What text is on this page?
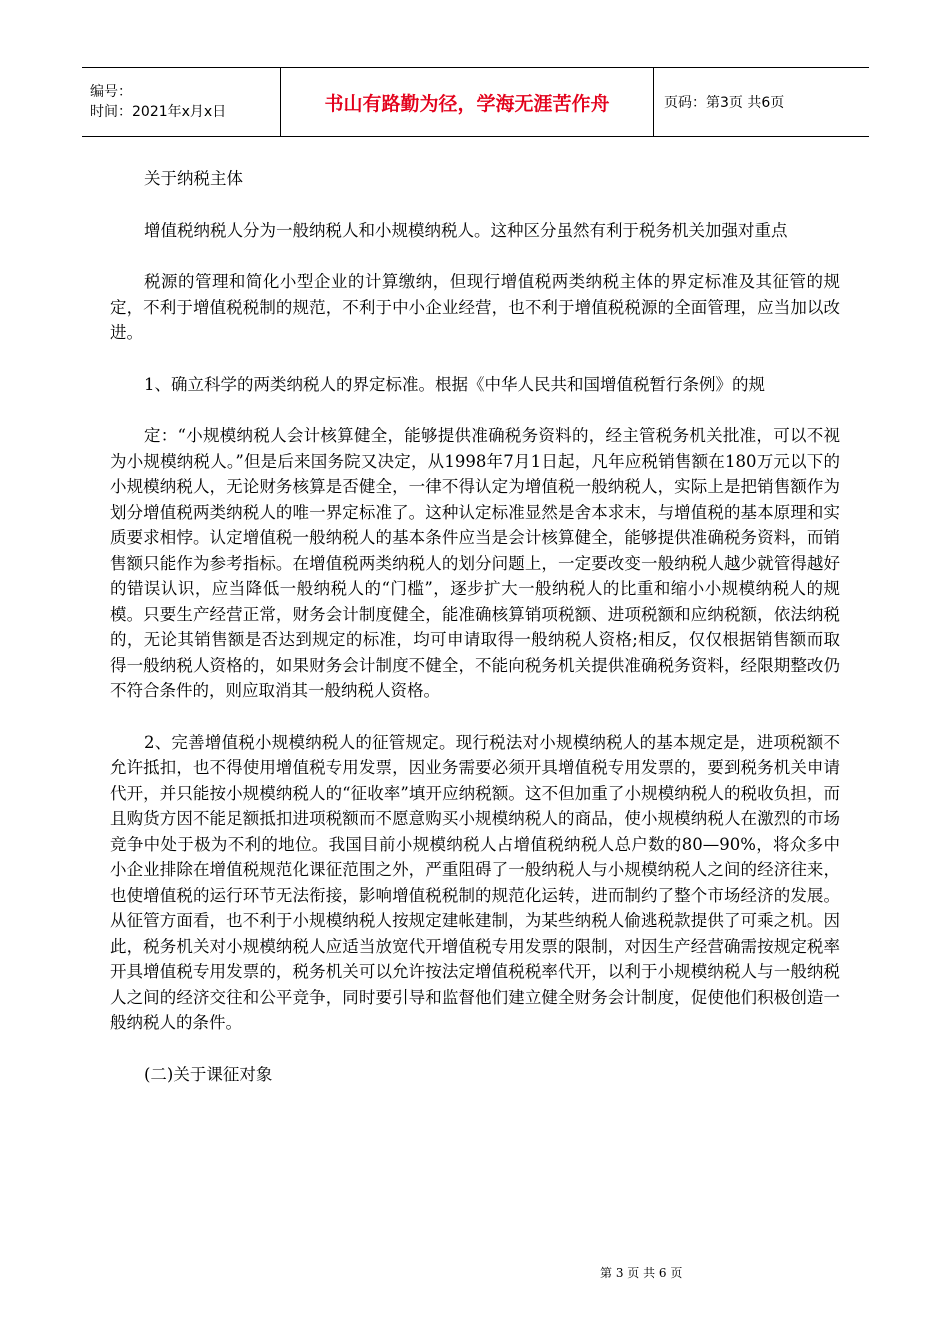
编号：
时间：2021年x月x日	书山有路勤为径，学海无涯苦作舟	页码：第3页 共6页

关于纳税主体

增值税纳税人分为一般纳税人和小规模纳税人。这种区分虽然有利于税务机关加强对重点

税源的管理和简化小型企业的计算缴纳，但现行增值税两类纳税主体的界定标准及其征管的规定，不利于增值税税制的规范，不利于中小企业经营，也不利于增值税税源的全面管理，应当加以改进。

1、确立科学的两类纳税人的界定标准。根据《中华人民共和国增值税暂行条例》的规

定：“小规模纳税人会计核算健全，能够提供准确税务资料的，经主管税务机关批准，可以不视为小规模纳税人。”但是后来国务院又决定，从1998年7月1日起，凡年应税销售额在180万元以下的小规模纳税人，无论财务核算是否健全，一律不得认定为增值税一般纳税人，实际上是把销售额作为划分增值税两类纳税人的唯一界定标准了。这种认定标准显然是舍本求末，与增值税的基本原理和实质要求相悖。认定增值税一般纳税人的基本条件应当是会计核算健全，能够提供准确税务资料，而销售额只能作为参考指标。在增值税两类纳税人的划分问题上，一定要改变一般纳税人越少就管得越好的错误认识，应当降低一般纳税人的“门槛”，逐步扩大一般纳税人的比重和缩小小规模纳税人的规模。只要生产经营正常，财务会计制度健全，能准确核算销项税额、进项税额和应纳税额，依法纳税的，无论其销售额是否达到规定的标准，均可申请取得一般纳税人资格;相反，仅仅根据销售额而取得一般纳税人资格的，如果财务会计制度不健全，不能向税务机关提供准确税务资料，经限期整改仍不符合条件的，则应取消其一般纳税人资格。

2、完善增值税小规模纳税人的征管规定。现行税法对小规模纳税人的基本规定是，进项税额不允许抵扣，也不得使用增值税专用发票，因业务需要必须开具增值税专用发票的，要到税务机关申请代开，并只能按小规模纳税人的“征收率”填开应纳税额。这不但加重了小规模纳税人的税收负担，而且购货方因不能足额抵扣进项税额而不愿意购买小规模纳税人的商品，使小规模纳税人在激烈的市场竞争中处于极为不利的地位。我国目前小规模纳税人占增值税纳税人总户数的80—90%，将众多中小企业排除在增值税规范化课征范围之外，严重阻碍了一般纳税人与小规模纳税人之间的经济往来，也使增值税的运行环节无法衔接，影响增值税税制的规范化运转，进而制约了整个市场经济的发展。从征管方面看，也不利于小规模纳税人按规定建帐建制，为某些纳税人偷逃税款提供了可乘之机。因此，税务机关对小规模纳税人应适当放宽代开增值税专用发票的限制，对因生产经营确需按规定税率开具增值税专用发票的，税务机关可以允许按法定增值税税率代开，以利于小规模纳税人与一般纳税人之间的经济交往和公平竞争，同时要引导和监督他们建立健全财务会计制度，促使他们积极创造一般纳税人的条件。

(二)关于课征对象

第 3 页 共 6 页
